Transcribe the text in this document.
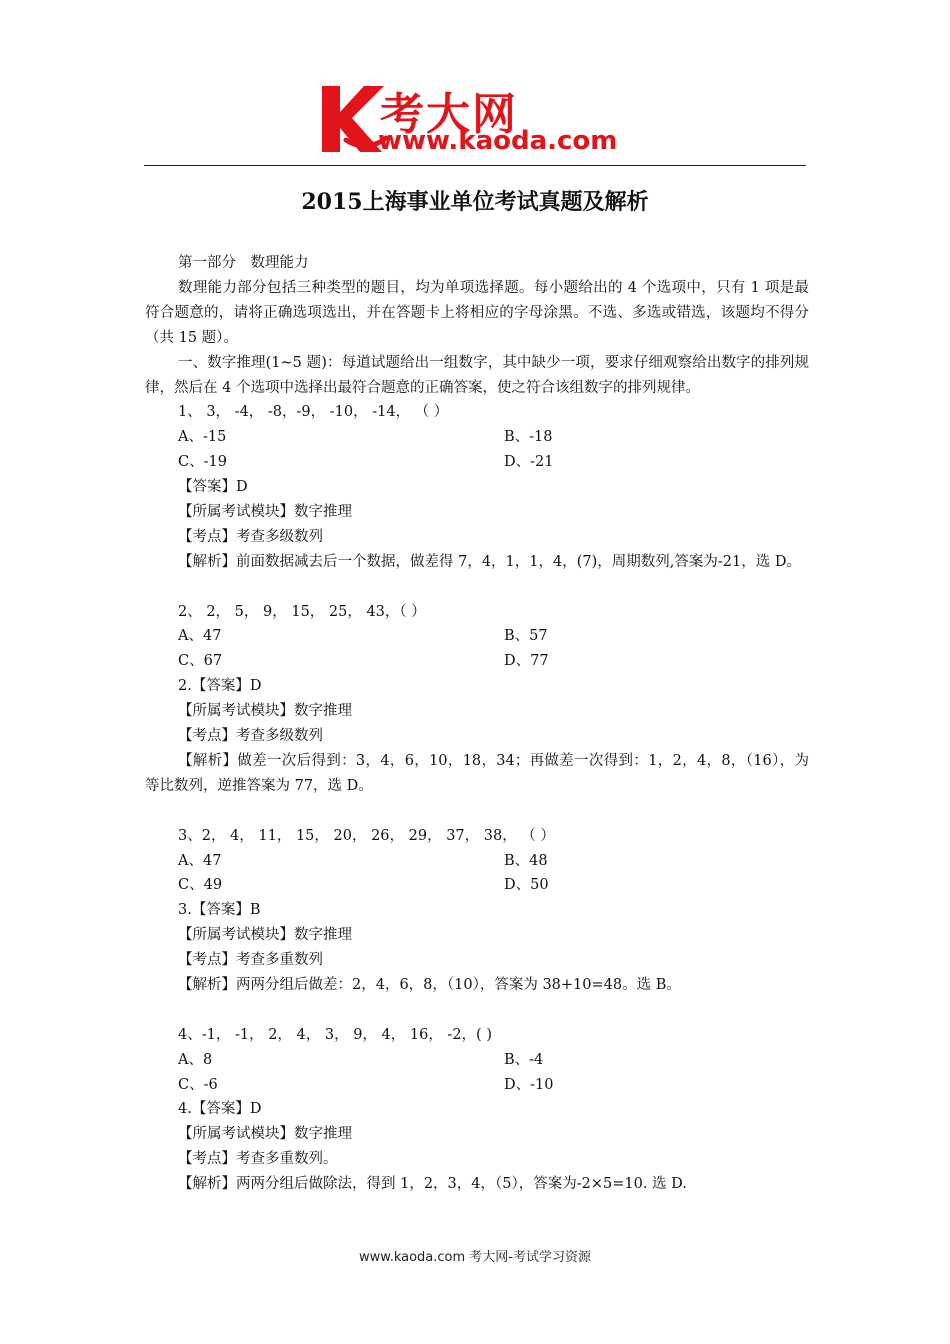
考大网
www.kaoda.com
2015上海事业单位考试真题及解析
第一部分　数理能力
数理能力部分包括三种类型的题目，均为单项选择题。每小题给出的 4 个选项中，只有 1 项是最符合题意的，请将正确选项选出，并在答题卡上将相应的字母涂黑。不选、多选或错选，该题均不得分（共 15 题）。
一、数字推理(1~5 题)：每道试题给出一组数字，其中缺少一项，要求仔细观察给出数字的排列规律，然后在 4 个选项中选择出最符合题意的正确答案，使之符合该组数字的排列规律。
1、 3， -4， -8，-9， -10， -14， （ ）
A、-15	B、-18
C、-19	D、-21
【答案】D
【所属考试模块】数字推理
【考点】考查多级数列
【解析】前面数据减去后一个数据，做差得 7，4，1，1，4，(7)，周期数列,答案为-21，选 D。
2、 2， 5， 9， 15， 25， 43，（ ）
A、47	B、57
C、67	D、77
2.【答案】D
【所属考试模块】数字推理
【考点】考查多级数列
【解析】做差一次后得到：3，4，6，10，18，34；再做差一次得到：1，2，4，8，（16），为等比数列，逆推答案为 77，选 D。
3、2， 4， 11， 15， 20， 26， 29， 37， 38， （ ）
A、47	B、48
C、49	D、50
3.【答案】B
【所属考试模块】数字推理
【考点】考查多重数列
【解析】两两分组后做差：2，4，6，8，（10），答案为 38+10=48。选 B。
4、-1， -1， 2， 4， 3， 9， 4， 16， -2，( )
A、8	B、-4
C、-6	D、-10
4.【答案】D
【所属考试模块】数字推理
【考点】考查多重数列。
【解析】两两分组后做除法，得到 1，2，3，4，（5），答案为-2×5=10. 选 D.
www.kaoda.com 考大网-考试学习资源
